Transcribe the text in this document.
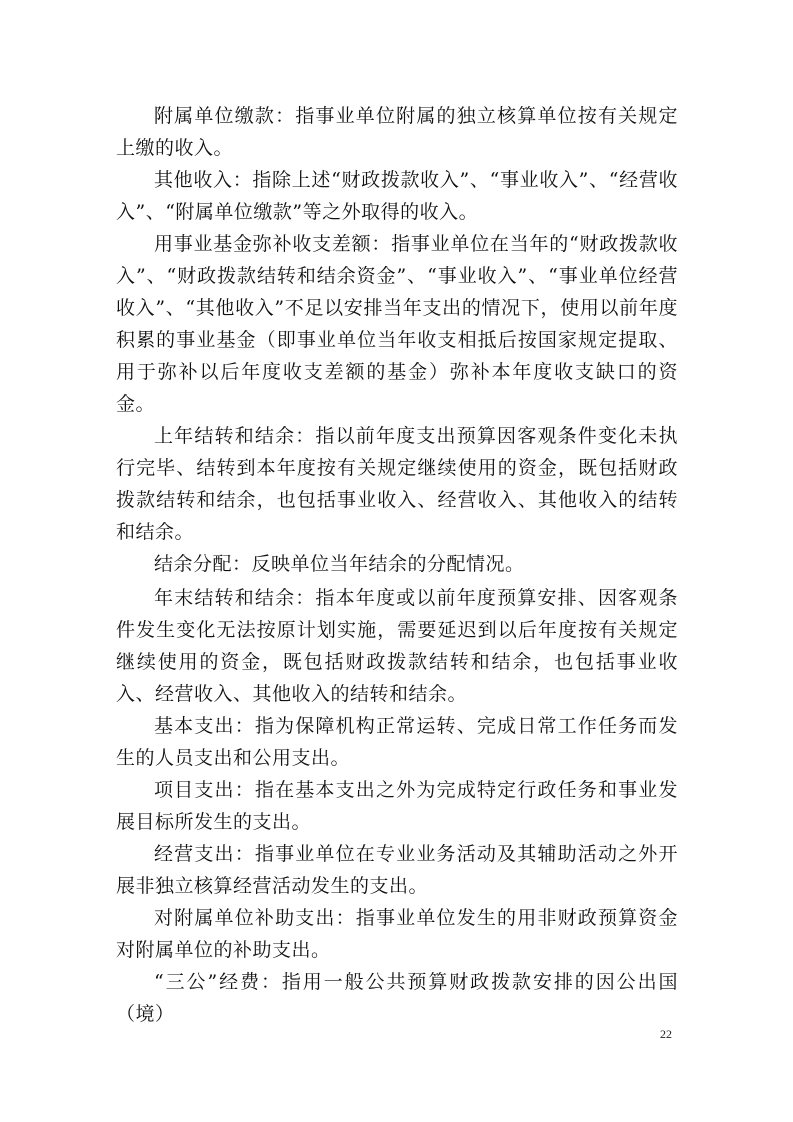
附属单位缴款：指事业单位附属的独立核算单位按有关规定上缴的收入。

其他收入：指除上述“财政拨款收入”、“事业收入”、“经营收入”、“附属单位缴款”等之外取得的收入。

用事业基金弥补收支差额：指事业单位在当年的“财政拨款收入”、“财政拨款结转和结余资金”、“事业收入”、“事业单位经营收入”、“其他收入”不足以安排当年支出的情况下，使用以前年度积累的事业基金（即事业单位当年收支相抵后按国家规定提取、用于弥补以后年度收支差额的基金）弥补本年度收支缺口的资金。

上年结转和结余：指以前年度支出预算因客观条件变化未执行完毕、结转到本年度按有关规定继续使用的资金，既包括财政拨款结转和结余，也包括事业收入、经营收入、其他收入的结转和结余。

结余分配：反映单位当年结余的分配情况。

年末结转和结余：指本年度或以前年度预算安排、因客观条件发生变化无法按原计划实施，需要延迟到以后年度按有关规定继续使用的资金，既包括财政拨款结转和结余，也包括事业收入、经营收入、其他收入的结转和结余。

基本支出：指为保障机构正常运转、完成日常工作任务而发生的人员支出和公用支出。

项目支出：指在基本支出之外为完成特定行政任务和事业发展目标所发生的支出。

经营支出：指事业单位在专业业务活动及其辅助活动之外开展非独立核算经营活动发生的支出。

对附属单位补助支出：指事业单位发生的用非财政预算资金对附属单位的补助支出。

“三公”经费：指用一般公共预算财政拨款安排的因公出国（境）

22
